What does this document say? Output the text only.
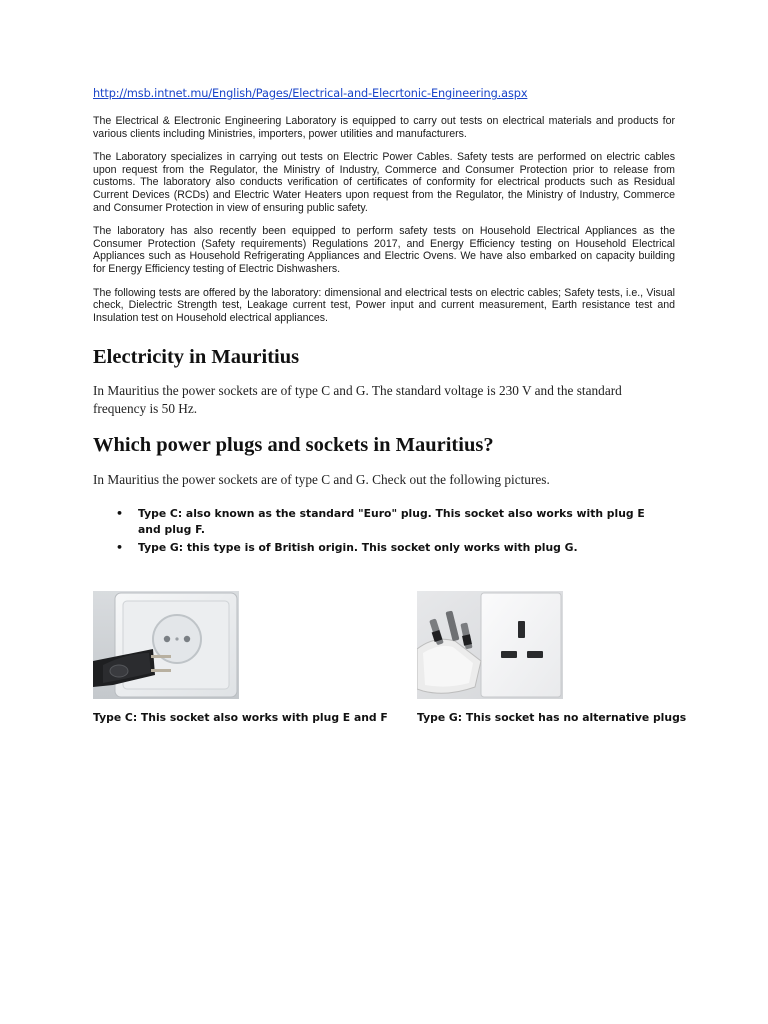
http://msb.intnet.mu/English/Pages/Electrical-and-Elecrtonic-Engineering.aspx

The Electrical & Electronic Engineering Laboratory is equipped to carry out tests on electrical materials and products for various clients including Ministries, importers, power utilities and manufacturers.

The Laboratory specializes in carrying out tests on Electric Power Cables. Safety tests are performed on electric cables upon request from the Regulator, the Ministry of Industry, Commerce and Consumer Protection prior to release from customs. The laboratory also conducts verification of certificates of conformity for electrical products such as Residual Current Devices (RCDs) and Electric Water Heaters upon request from the Regulator, the Ministry of Industry, Commerce and Consumer Protection in view of ensuring public safety.

The laboratory has also recently been equipped to perform safety tests on Household Electrical Appliances as the Consumer Protection (Safety requirements) Regulations 2017, and Energy Efficiency testing on Household Electrical Appliances such as Household Refrigerating Appliances and Electric Ovens. We have also embarked on capacity building for Energy Efficiency testing of Electric Dishwashers.

The following tests are offered by the laboratory: dimensional and electrical tests on electric cables; Safety tests, i.e., Visual check, Dielectric Strength test, Leakage current test, Power input and current measurement, Earth resistance test and Insulation test on Household electrical appliances.

Electricity in Mauritius

In Mauritius the power sockets are of type C and G. The standard voltage is 230 V and the standard frequency is 50 Hz.

Which power plugs and sockets in Mauritius?

In Mauritius the power sockets are of type C and G. Check out the following pictures.

• Type C: also known as the standard "Euro" plug. This socket also works with plug E and plug F.
• Type G: this type is of British origin. This socket only works with plug G.
Type C: This socket also works with plug E and F	Type G: This socket has no alternative plugs
